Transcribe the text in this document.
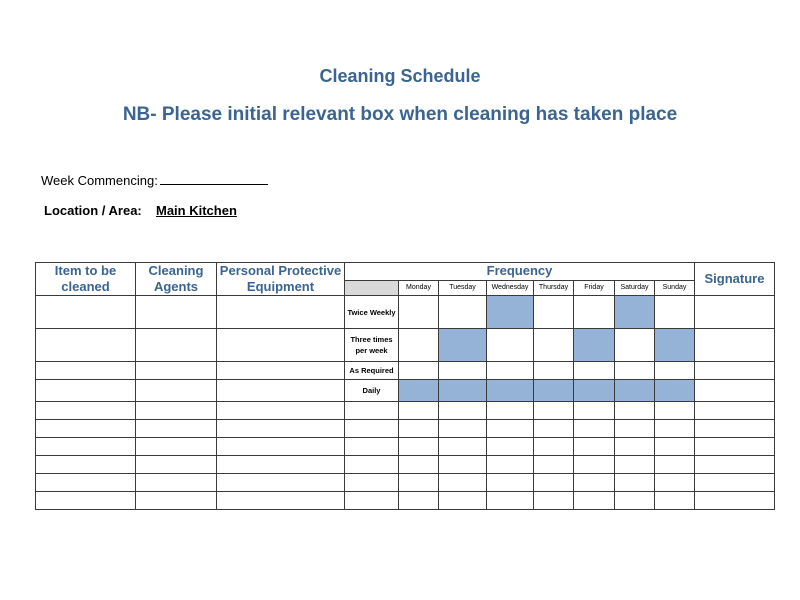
Cleaning Schedule
NB- Please initial relevant box when cleaning has taken place
Week Commencing:
Location / Area: Main Kitchen
Item to be cleaned	Cleaning Agents	Personal Protective Equipment	Frequency								Signature
				Monday	Tuesday	Wednesday	Thursday	Friday	Saturday	Sunday	
			Twice Weekly								
			Three times per week								
			As Required								
			Daily								
